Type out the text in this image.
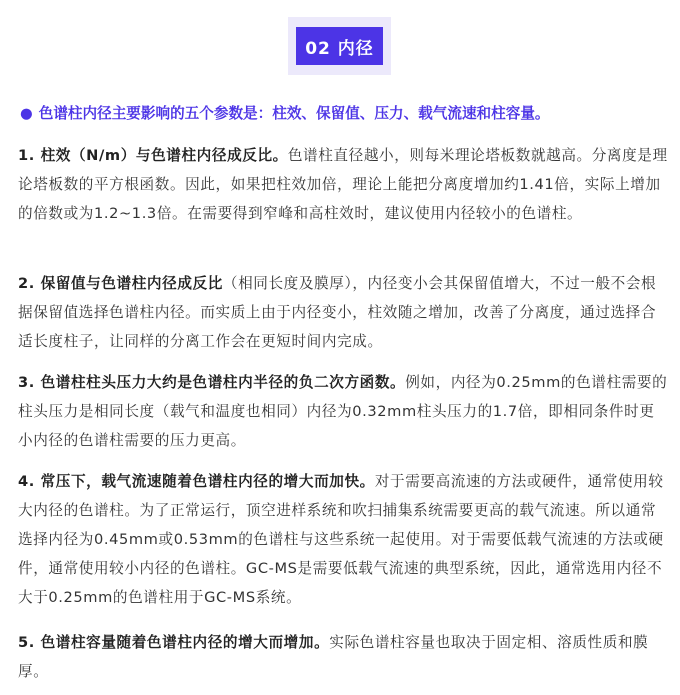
02 内径
● 色谱柱内径主要影响的五个参数是：柱效、保留值、压力、载气流速和柱容量。
1. 柱效（N/m）与色谱柱内径成反比。色谱柱直径越小，则每米理论塔板数就越高。分离度是理论塔板数的平方根函数。因此，如果把柱效加倍，理论上能把分离度增加约1.41倍，实际上增加的倍数或为1.2~1.3倍。在需要得到窄峰和高柱效时，建议使用内径较小的色谱柱。
2. 保留值与色谱柱内径成反比（相同长度及膜厚），内径变小会其保留值增大，不过一般不会根据保留值选择色谱柱内径。而实质上由于内径变小，柱效随之增加，改善了分离度，通过选择合适长度柱子，让同样的分离工作会在更短时间内完成。
3. 色谱柱柱头压力大约是色谱柱内半径的负二次方函数。例如，内径为0.25mm的色谱柱需要的柱头压力是相同长度（载气和温度也相同）内径为0.32mm柱头压力的1.7倍，即相同条件时更小内径的色谱柱需要的压力更高。
4. 常压下，载气流速随着色谱柱内径的增大而加快。对于需要高流速的方法或硬件，通常使用较大内径的色谱柱。为了正常运行，顶空进样系统和吹扫捕集系统需要更高的载气流速。所以通常选择内径为0.45mm或0.53mm的色谱柱与这些系统一起使用。对于需要低载气流速的方法或硬件，通常使用较小内径的色谱柱。GC-MS是需要低载气流速的典型系统，因此，通常选用内径不大于0.25mm的色谱柱用于GC-MS系统。
5. 色谱柱容量随着色谱柱内径的增大而增加。实际色谱柱容量也取决于固定相、溶质性质和膜厚。
